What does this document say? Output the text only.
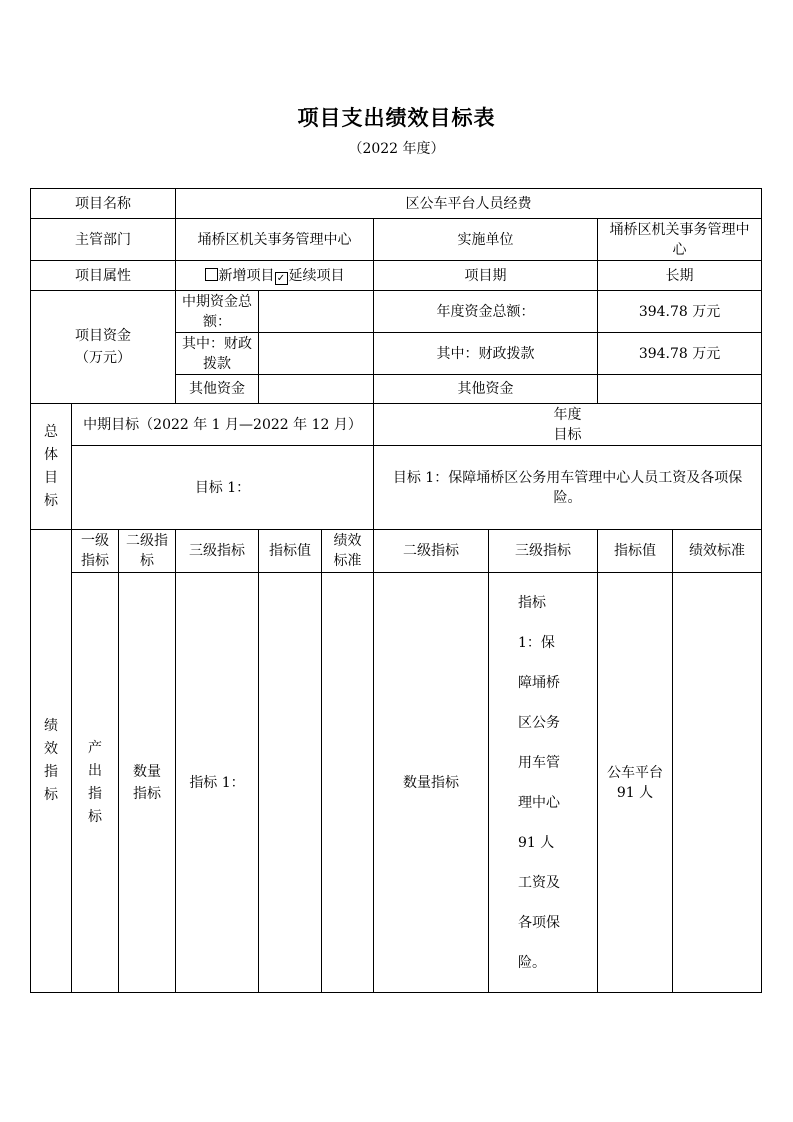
项目支出绩效目标表
（2022 年度）
项目名称			区公车平台人员经费						
主管部门			埇桥区机关事务管理中心			实施单位		埇桥区机关事务管理中心	
项目属性			新增项目 ✓ 延续项目			项目期		长期	

项目资金（万元）			中期资金总额：			年度资金总额：		394.78 万元	
			其中：财政拨款			其中：财政拨款		394.78 万元	
			其他资金			其他资金			

总体目标	中期目标（2022 年 1 月—2022 年 12 月）					年度目标			

	目标 1：					目标 1：保障埇桥区公务用车管理中心人员工资及各项保险。			

绩效指标	一级指标	二级指标	三级指标	指标值	绩效标准	二级指标	三级指标	指标值	绩效标准

	产出指标	数量指标	指标 1：			数量指标	指标 1：保障埇桥区公务用车管理中心 91 人工资及各项保险。	公车平台 91 人	
